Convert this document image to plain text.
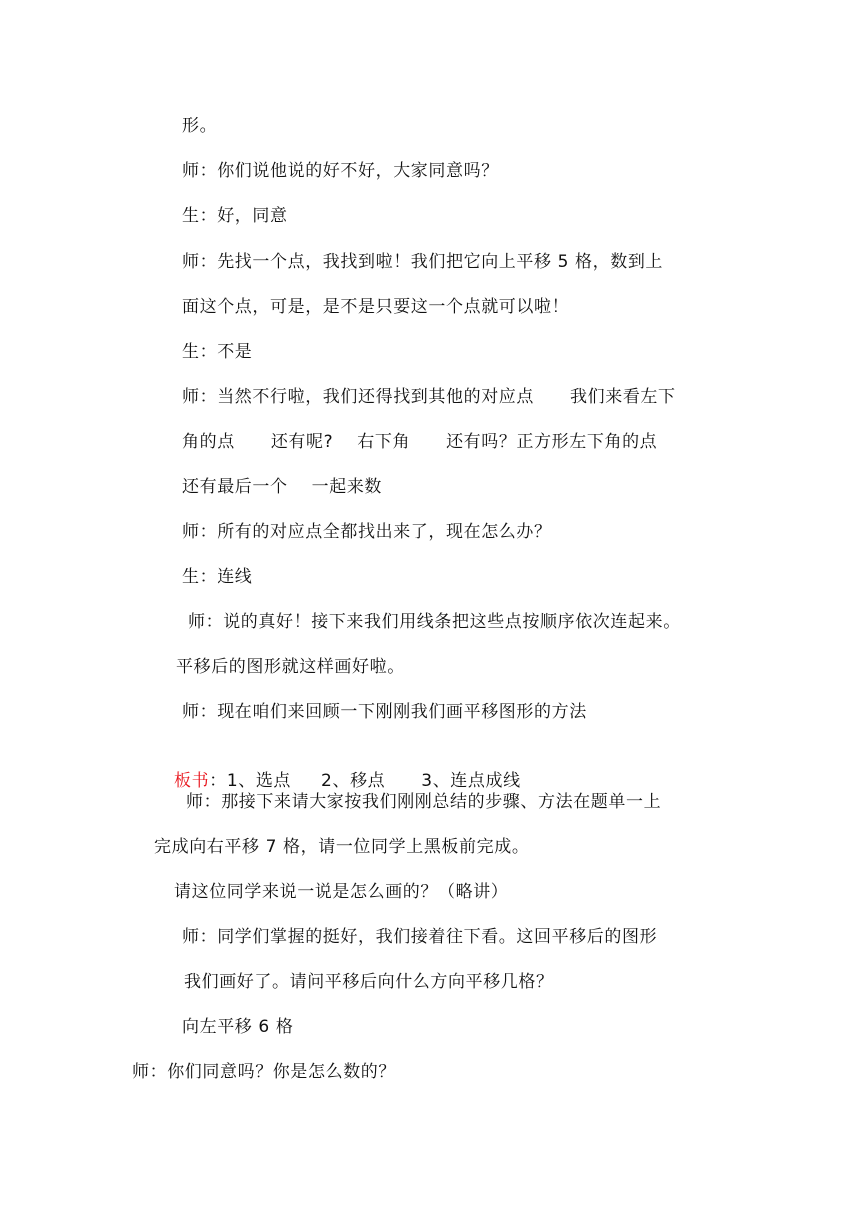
形。
师：你们说他说的好不好，大家同意吗？
生：好，同意
师：先找一个点，我找到啦！我们把它向上平移 5 格，数到上
面这个点，可是，是不是只要这一个点就可以啦！
生：不是
师：当然不行啦，我们还得找到其他的对应点      我们来看左下
角的点      还有呢?    右下角      还有吗？正方形左下角的点
还有最后一个    一起来数
师：所有的对应点全都找出来了，现在怎么办？
生：连线
师：说的真好！接下来我们用线条把这些点按顺序依次连起来。
平移后的图形就这样画好啦。
师：现在咱们来回顾一下刚刚我们画平移图形的方法

板书：1、选点     2、移点      3、连点成线

师：那接下来请大家按我们刚刚总结的步骤、方法在题单一上
完成向右平移 7 格，请一位同学上黑板前完成。
请这位同学来说一说是怎么画的？（略讲）
师：同学们掌握的挺好，我们接着往下看。这回平移后的图形
我们画好了。请问平移后向什么方向平移几格？
向左平移 6 格
师：你们同意吗？你是怎么数的？
